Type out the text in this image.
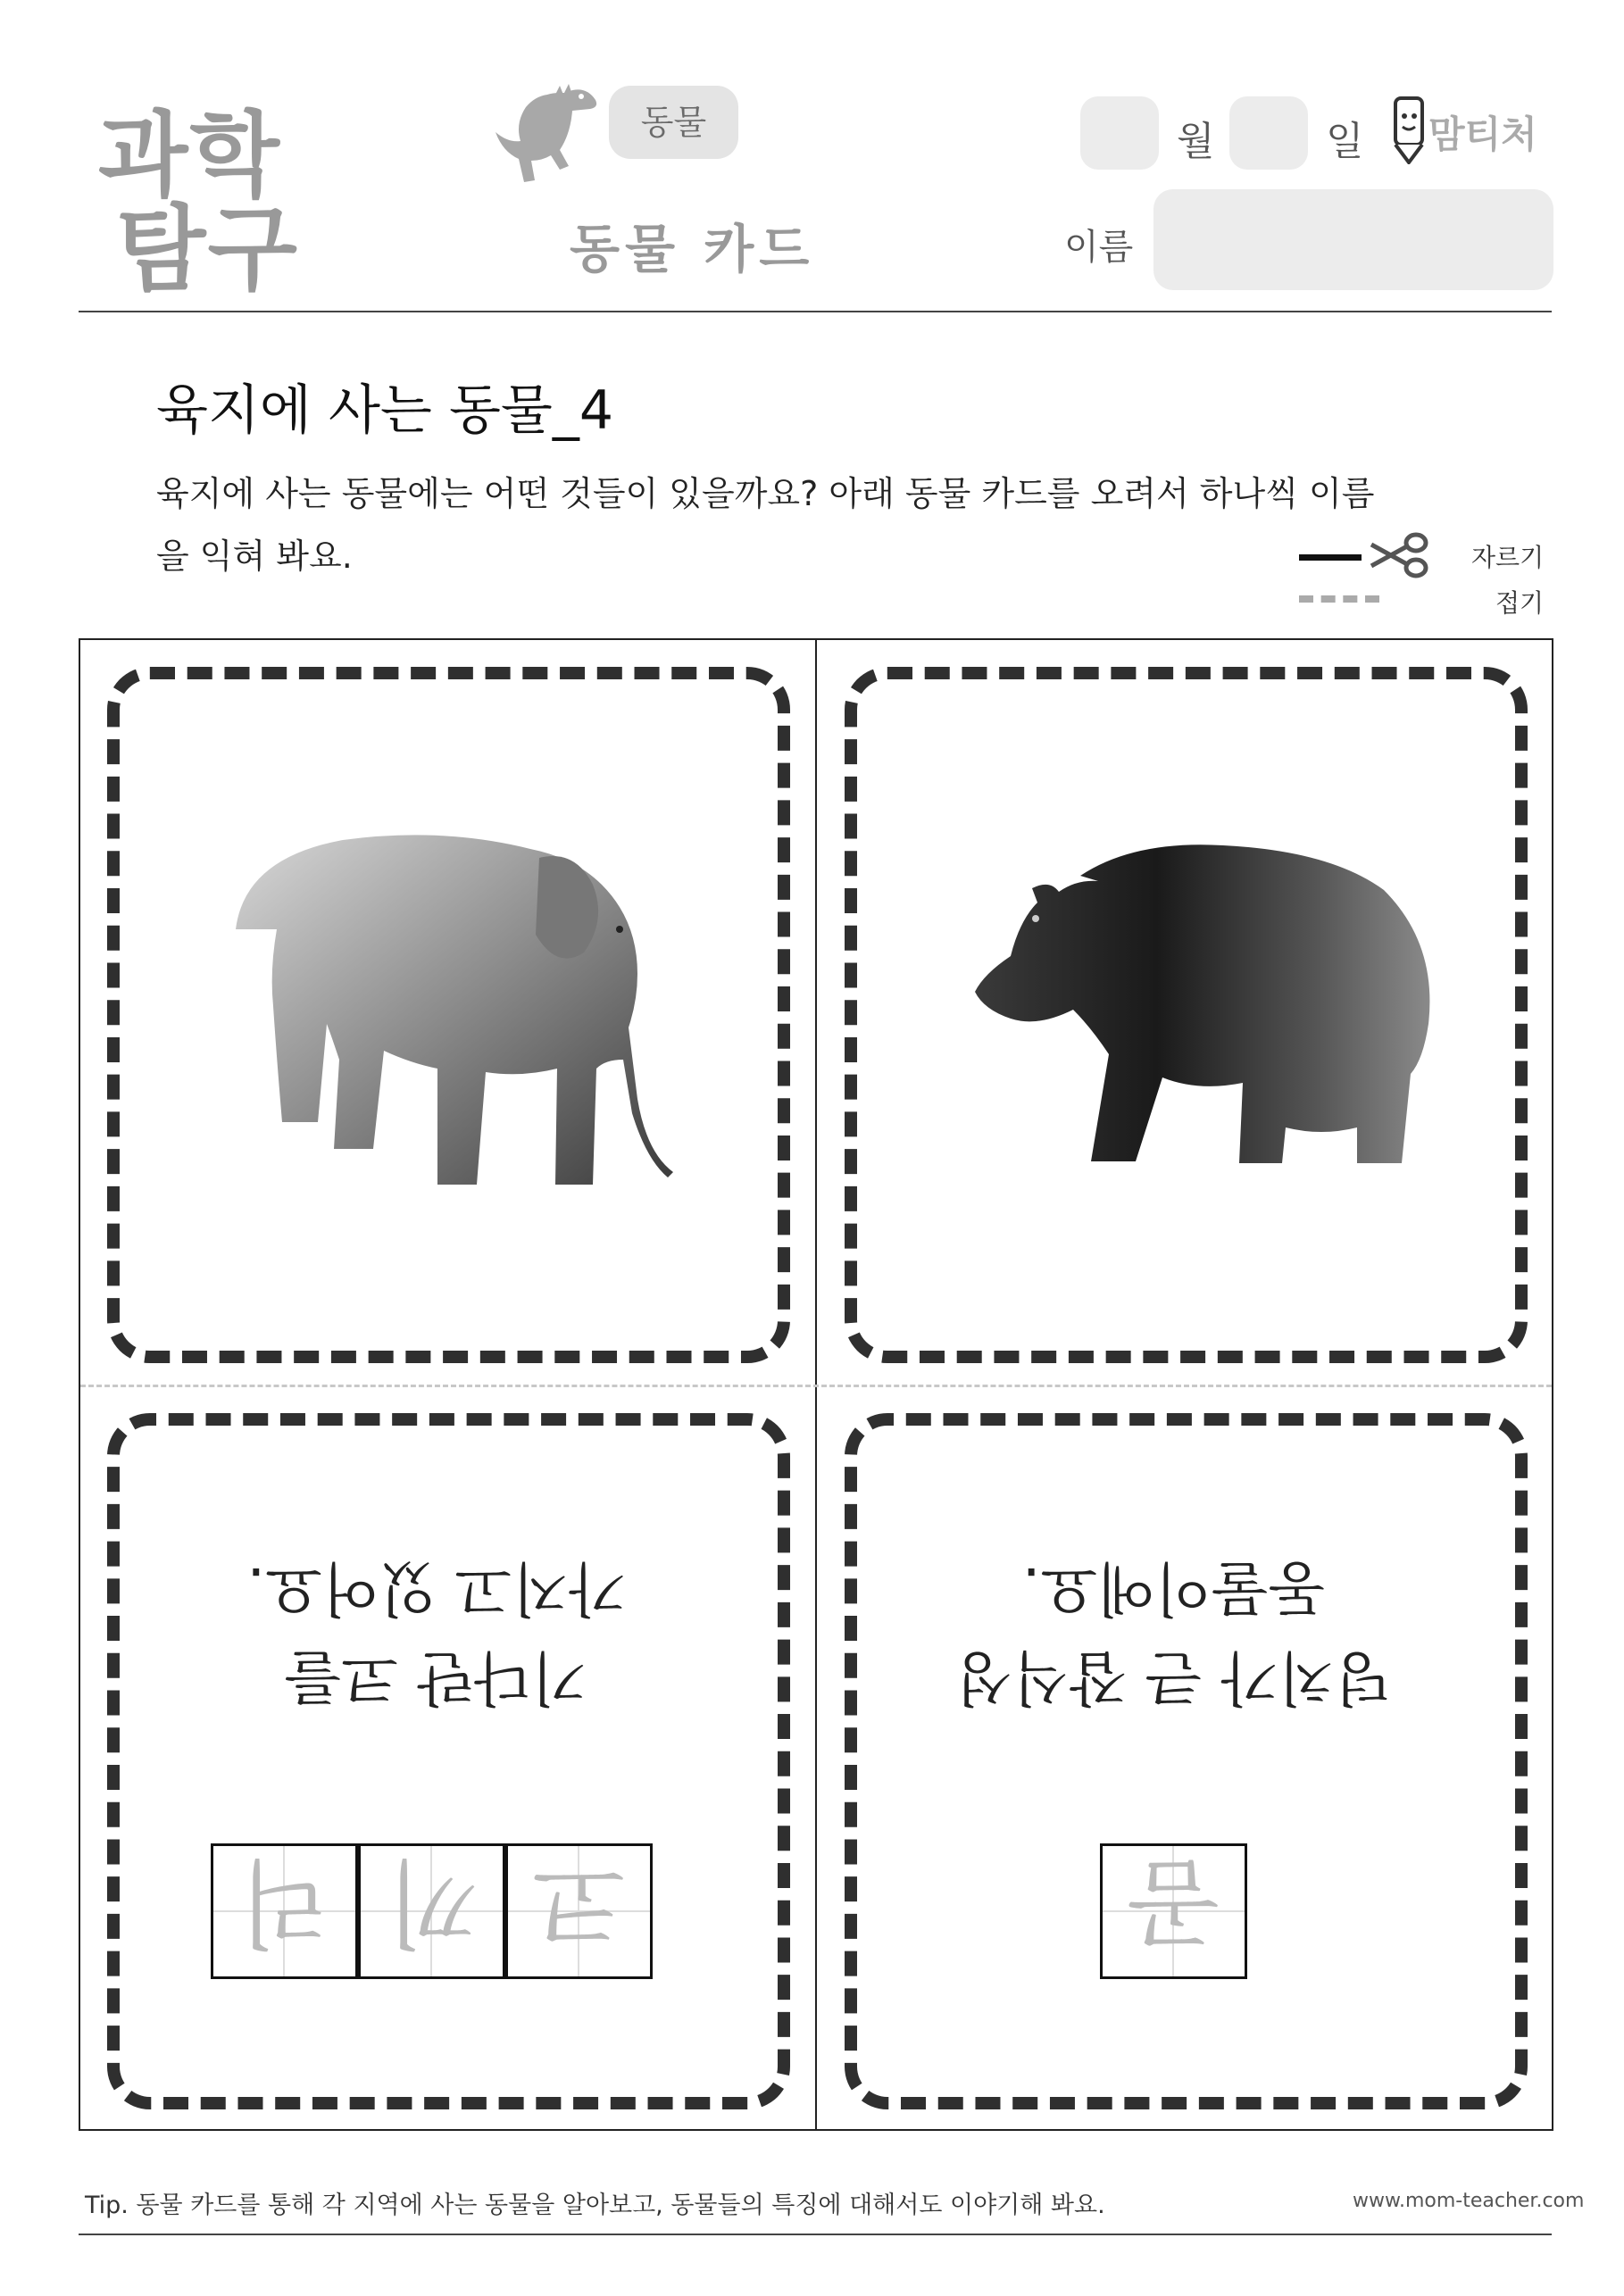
과학
탐구
동물
동물 카드
월	일 맘티처
이름
육지에 사는 동물_4
육지에 사는 동물에는 어떤 것들이 있을까요? 아래 동물 카드를 오려서 하나씩 이름
을 익혀 봐요.	자르기
접기
코
끼
리
가지고 있어요.
기다란 코를
곰
동물이에요.
덩치가 큰 잡식성
Tip. 동물 카드를 통해 각 지역에 사는 동물을 알아보고, 동물들의 특징에 대해서도 이야기해 봐요.	www.mom-teacher.com
